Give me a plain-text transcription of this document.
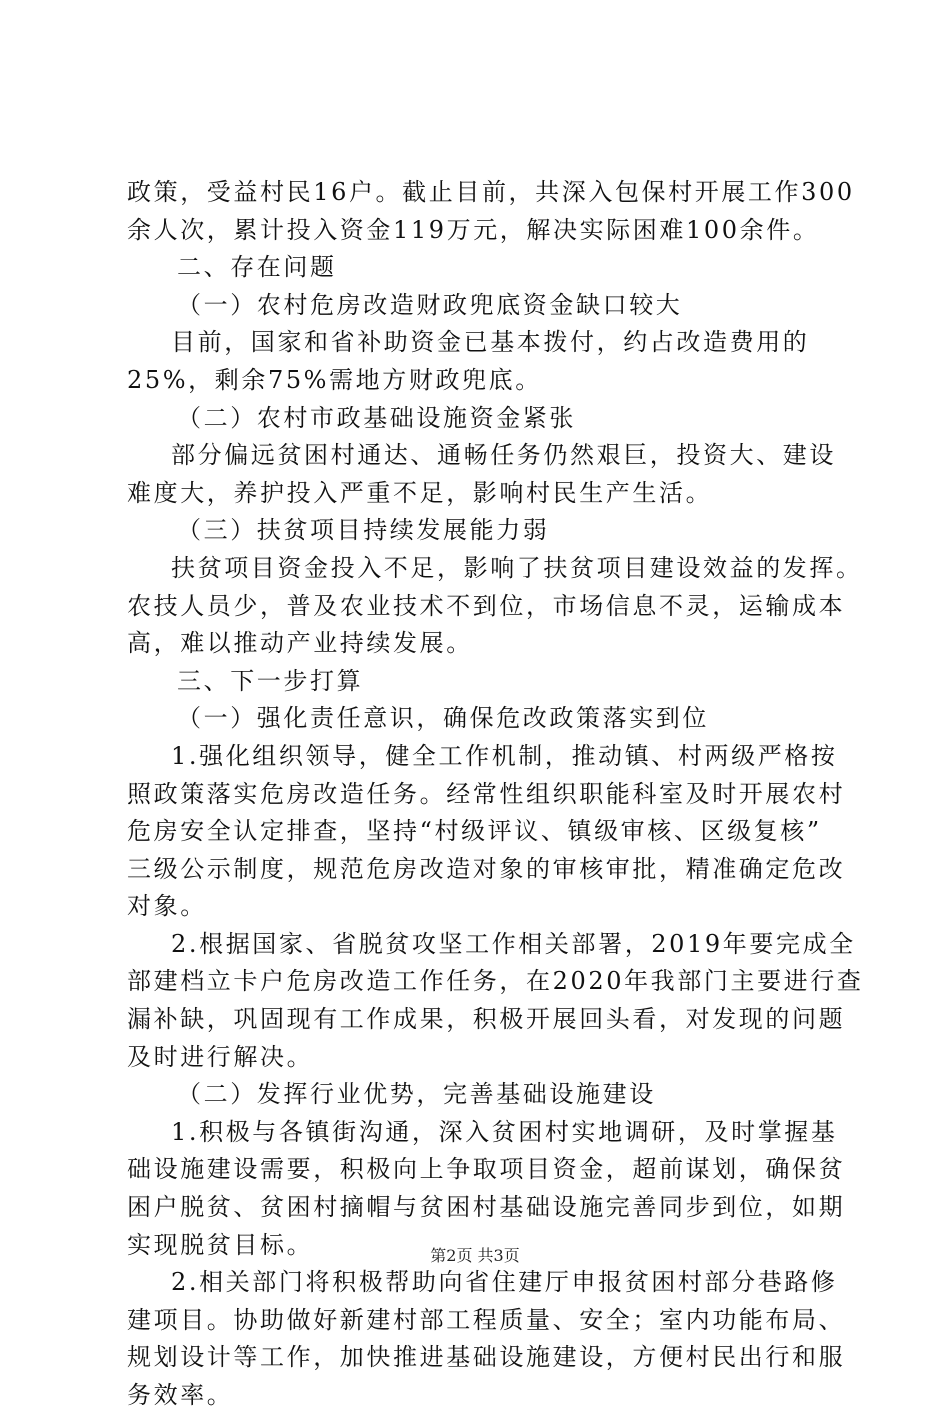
政策，受益村民16户。截止目前，共深入包保村开展工作300
余人次，累计投入资金119万元，解决实际困难100余件。
二、存在问题
（一）农村危房改造财政兜底资金缺口较大
目前，国家和省补助资金已基本拨付，约占改造费用的
25%，剩余75%需地方财政兜底。
（二）农村市政基础设施资金紧张
部分偏远贫困村通达、通畅任务仍然艰巨，投资大、建设
难度大，养护投入严重不足，影响村民生产生活。
（三）扶贫项目持续发展能力弱
扶贫项目资金投入不足，影响了扶贫项目建设效益的发挥。
农技人员少，普及农业技术不到位，市场信息不灵，运输成本
高，难以推动产业持续发展。
三、下一步打算
（一）强化责任意识，确保危改政策落实到位
1.强化组织领导，健全工作机制，推动镇、村两级严格按
照政策落实危房改造任务。经常性组织职能科室及时开展农村
危房安全认定排查，坚持“村级评议、镇级审核、区级复核”
三级公示制度，规范危房改造对象的审核审批，精准确定危改
对象。
2.根据国家、省脱贫攻坚工作相关部署，2019年要完成全
部建档立卡户危房改造工作任务，在2020年我部门主要进行查
漏补缺，巩固现有工作成果，积极开展回头看，对发现的问题
及时进行解决。
（二）发挥行业优势，完善基础设施建设
1.积极与各镇街沟通，深入贫困村实地调研，及时掌握基
础设施建设需要，积极向上争取项目资金，超前谋划，确保贫
困户脱贫、贫困村摘帽与贫困村基础设施完善同步到位，如期
实现脱贫目标。
2.相关部门将积极帮助向省住建厅申报贫困村部分巷路修
建项目。协助做好新建村部工程质量、安全；室内功能布局、
规划设计等工作，加快推进基础设施建设，方便村民出行和服
务效率。
第2页 共3页
